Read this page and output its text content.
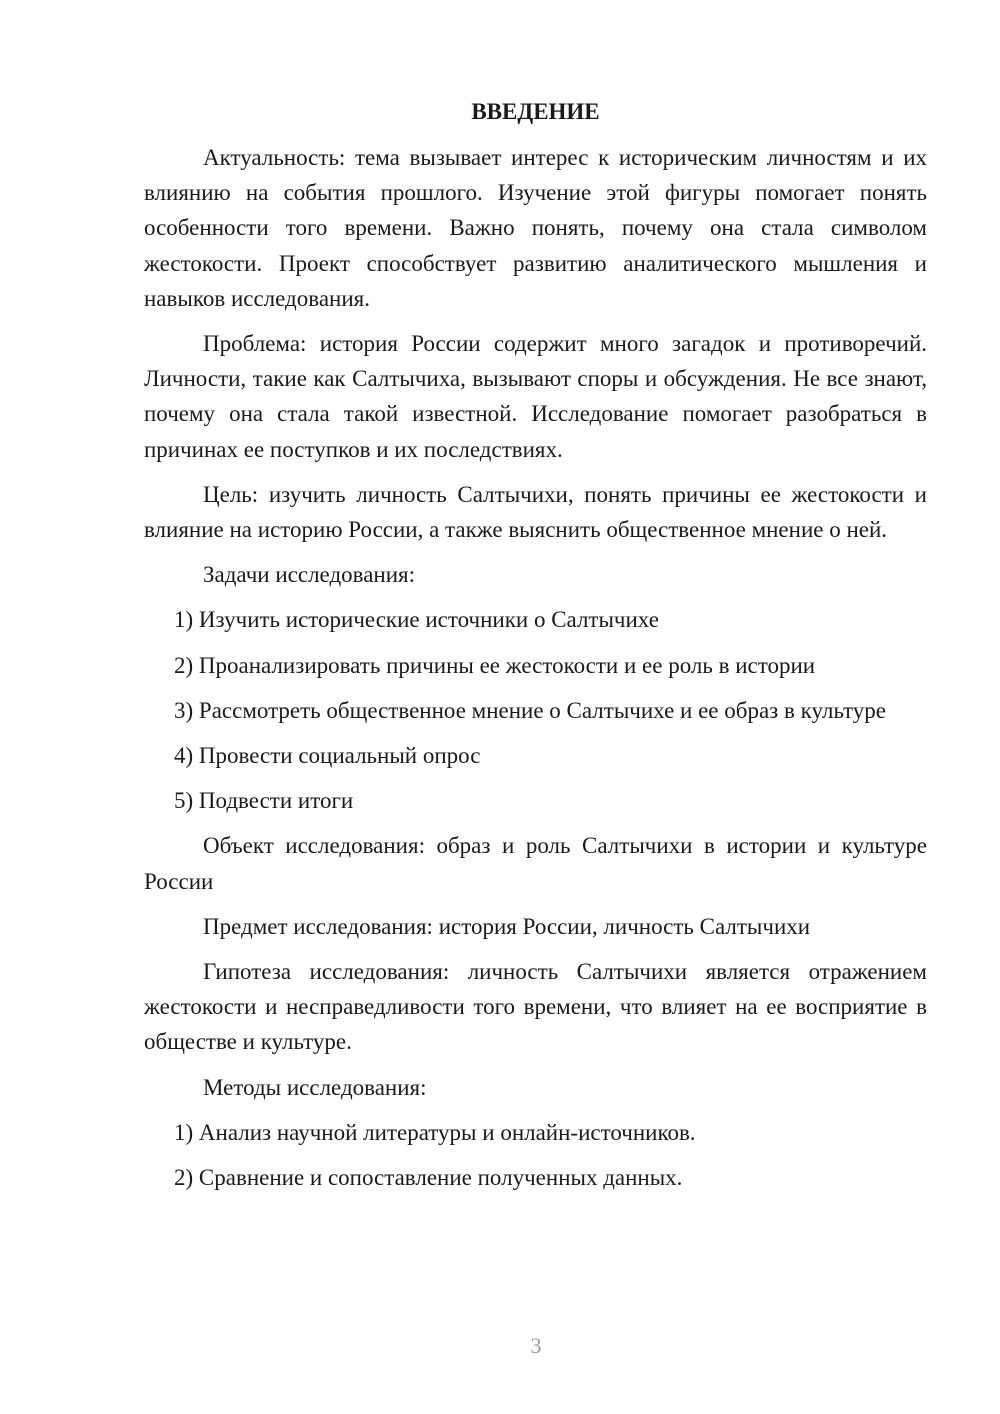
ВВЕДЕНИЕ

Актуальность: тема вызывает интерес к историческим личностям и их влиянию на события прошлого. Изучение этой фигуры помогает понять особенности того времени. Важно понять, почему она стала символом жестокости. Проект способствует развитию аналитического мышления и навыков исследования.

Проблема: история России содержит много загадок и противоречий. Личности, такие как Салтычиха, вызывают споры и обсуждения. Не все знают, почему она стала такой известной. Исследование помогает разобраться в причинах ее поступков и их последствиях.

Цель: изучить личность Салтычихи, понять причины ее жестокости и влияние на историю России, а также выяснить общественное мнение о ней.

Задачи исследования:

1) Изучить исторические источники о Салтычихе

2) Проанализировать причины ее жестокости и ее роль в истории

3) Рассмотреть общественное мнение о Салтычихе и ее образ в культуре

4) Провести социальный опрос

5) Подвести итоги

Объект исследования: образ и роль Салтычихи в истории и культуре России

Предмет исследования: история России, личность Салтычихи

Гипотеза исследования: личность Салтычихи является отражением жестокости и несправедливости того времени, что влияет на ее восприятие в обществе и культуре.

Методы исследования:

1) Анализ научной литературы и онлайн-источников.

2) Сравнение и сопоставление полученных данных.

3
